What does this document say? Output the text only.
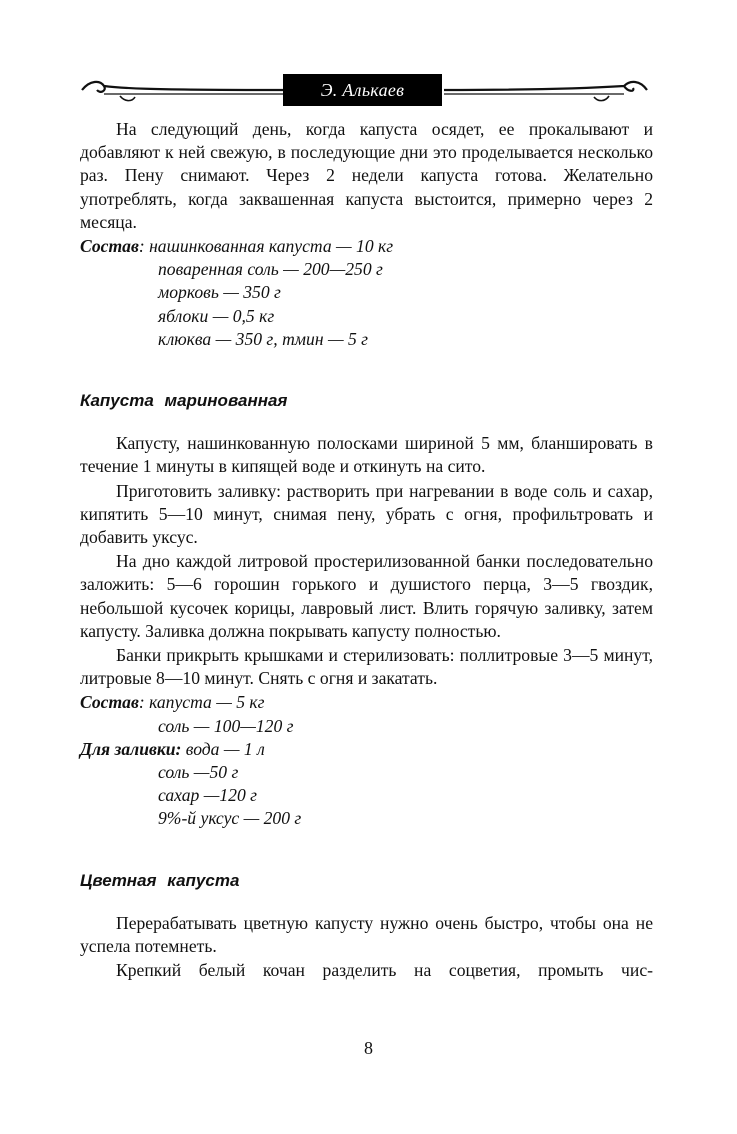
Э. Алькаев

На следующий день, когда капуста осядет, ее прокалывают и добавляют к ней свежую, в последующие дни это проделывается несколько раз. Пену снимают. Через 2 недели капуста готова. Желательно употреблять, когда заквашенная капуста выстоится, примерно через 2 месяца.

Состав: нашинкованная капуста — 10 кг
поваренная соль — 200—250 г
морковь — 350 г
яблоки — 0,5 кг
клюква — 350 г, тмин — 5 г
Капуста маринованная

Капусту, нашинкованную полосками шириной 5 мм, бланшировать в течение 1 минуты в кипящей воде и откинуть на сито.

Приготовить заливку: растворить при нагревании в воде соль и сахар, кипятить 5—10 минут, снимая пену, убрать с огня, профильтровать и добавить уксус.

На дно каждой литровой простерилизованной банки последовательно заложить: 5—6 горошин горького и душистого перца, 3—5 гвоздик, небольшой кусочек корицы, лавровый лист. Влить горячую заливку, затем капусту. Заливка должна покрывать капусту полностью.

Банки прикрыть крышками и стерилизовать: поллитровые 3—5 минут, литровые 8—10 минут. Снять с огня и закатать.

Состав: капуста — 5 кг
соль — 100—120 г
Для заливки: вода — 1 л
соль —50 г
сахар —120 г
9%-й уксус — 200 г
Цветная капуста

Перерабатывать цветную капусту нужно очень быстро, чтобы она не успела потемнеть.

Крепкий белый кочан разделить на соцветия, промыть чис-

8
